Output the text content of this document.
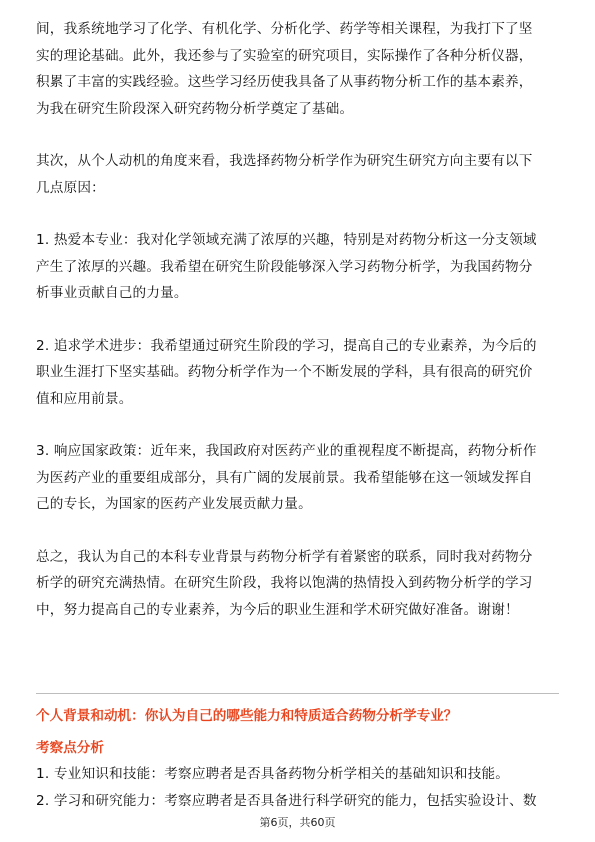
间，我系统地学习了化学、有机化学、分析化学、药学等相关课程，为我打下了坚

实的理论基础。此外，我还参与了实验室的研究项目，实际操作了各种分析仪器，

积累了丰富的实践经验。这些学习经历使我具备了从事药物分析工作的基本素养，

为我在研究生阶段深入研究药物分析学奠定了基础。

其次，从个人动机的角度来看，我选择药物分析学作为研究生研究方向主要有以下

几点原因：

1. 热爱本专业：我对化学领域充满了浓厚的兴趣，特别是对药物分析这一分支领域

产生了浓厚的兴趣。我希望在研究生阶段能够深入学习药物分析学，为我国药物分

析事业贡献自己的力量。

2. 追求学术进步：我希望通过研究生阶段的学习，提高自己的专业素养，为今后的

职业生涯打下坚实基础。药物分析学作为一个不断发展的学科，具有很高的研究价

值和应用前景。

3. 响应国家政策：近年来，我国政府对医药产业的重视程度不断提高，药物分析作

为医药产业的重要组成部分，具有广阔的发展前景。我希望能够在这一领域发挥自

己的专长，为国家的医药产业发展贡献力量。

总之，我认为自己的本科专业背景与药物分析学有着紧密的联系，同时我对药物分

析学的研究充满热情。在研究生阶段，我将以饱满的热情投入到药物分析学的学习

中，努力提高自己的专业素养，为今后的职业生涯和学术研究做好准备。谢谢！

个人背景和动机：你认为自己的哪些能力和特质适合药物分析学专业？
考察点分析
1. 专业知识和技能：考察应聘者是否具备药物分析学相关的基础知识和技能。
2. 学习和研究能力：考察应聘者是否具备进行科学研究的能力，包括实验设计、数
第6页，共60页
